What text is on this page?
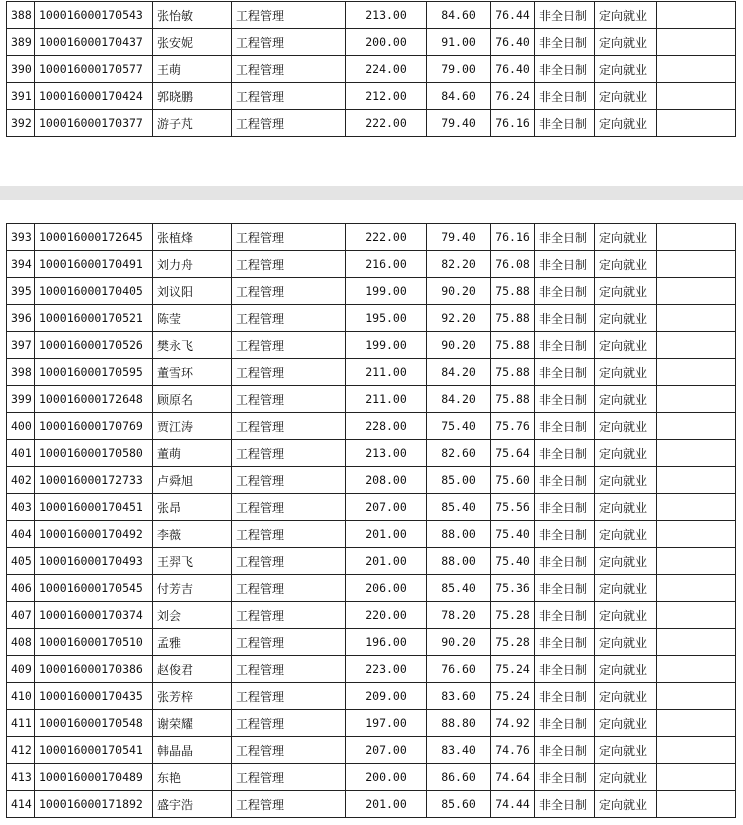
388	100016000170543	张怡敏	工程管理	213.00	84.60	76.44	非全日制	定向就业	
389	100016000170437	张安妮	工程管理	200.00	91.00	76.40	非全日制	定向就业	
390	100016000170577	王萌	工程管理	224.00	79.00	76.40	非全日制	定向就业	
391	100016000170424	郭晓鹏	工程管理	212.00	84.60	76.24	非全日制	定向就业	
392	100016000170377	游子芃	工程管理	222.00	79.40	76.16	非全日制	定向就业	
393	100016000172645	张植烽	工程管理	222.00	79.40	76.16	非全日制	定向就业	
394	100016000170491	刘力舟	工程管理	216.00	82.20	76.08	非全日制	定向就业	
395	100016000170405	刘议阳	工程管理	199.00	90.20	75.88	非全日制	定向就业	
396	100016000170521	陈莹	工程管理	195.00	92.20	75.88	非全日制	定向就业	
397	100016000170526	樊永飞	工程管理	199.00	90.20	75.88	非全日制	定向就业	
398	100016000170595	董雪环	工程管理	211.00	84.20	75.88	非全日制	定向就业	
399	100016000172648	顾原名	工程管理	211.00	84.20	75.88	非全日制	定向就业	
400	100016000170769	贾江涛	工程管理	228.00	75.40	75.76	非全日制	定向就业	
401	100016000170580	董萌	工程管理	213.00	82.60	75.64	非全日制	定向就业	
402	100016000172733	卢舜旭	工程管理	208.00	85.00	75.60	非全日制	定向就业	
403	100016000170451	张昂	工程管理	207.00	85.40	75.56	非全日制	定向就业	
404	100016000170492	李薇	工程管理	201.00	88.00	75.40	非全日制	定向就业	
405	100016000170493	王羿飞	工程管理	201.00	88.00	75.40	非全日制	定向就业	
406	100016000170545	付芳吉	工程管理	206.00	85.40	75.36	非全日制	定向就业	
407	100016000170374	刘会	工程管理	220.00	78.20	75.28	非全日制	定向就业	
408	100016000170510	孟雅	工程管理	196.00	90.20	75.28	非全日制	定向就业	
409	100016000170386	赵俊君	工程管理	223.00	76.60	75.24	非全日制	定向就业	
410	100016000170435	张芳梓	工程管理	209.00	83.60	75.24	非全日制	定向就业	
411	100016000170548	谢荣耀	工程管理	197.00	88.80	74.92	非全日制	定向就业	
412	100016000170541	韩晶晶	工程管理	207.00	83.40	74.76	非全日制	定向就业	
413	100016000170489	东艳	工程管理	200.00	86.60	74.64	非全日制	定向就业	
414	100016000171892	盛宇浩	工程管理	201.00	85.60	74.44	非全日制	定向就业	
